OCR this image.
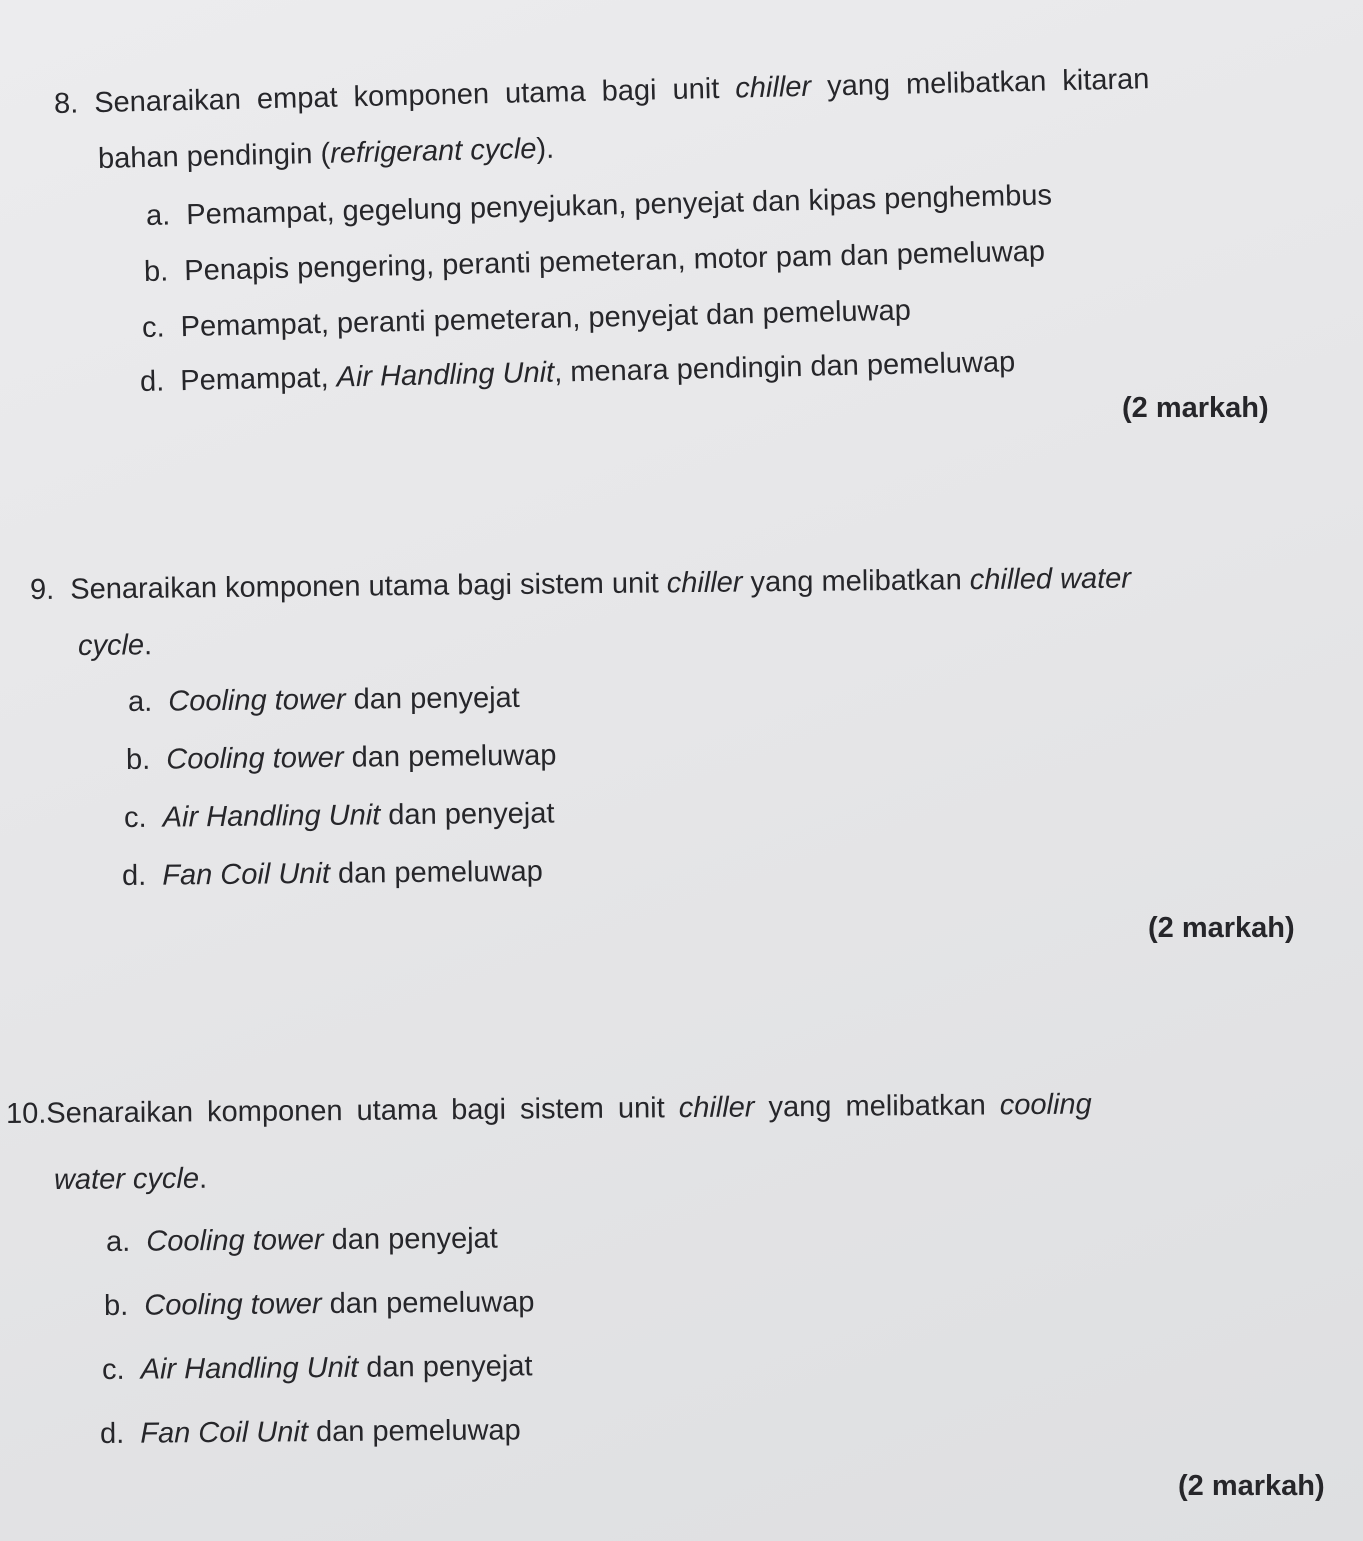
8. Senaraikan empat komponen utama bagi unit chiller yang melibatkan kitaran
bahan pendingin (refrigerant cycle).
a. Pemampat, gegelung penyejukan, penyejat dan kipas penghembus
b. Penapis pengering, peranti pemeteran, motor pam dan pemeluwap
c. Pemampat, peranti pemeteran, penyejat dan pemeluwap
d. Pemampat, Air Handling Unit, menara pendingin dan pemeluwap
(2 markah)
9. Senaraikan komponen utama bagi sistem unit chiller yang melibatkan chilled water
cycle.
a. Cooling tower dan penyejat
b. Cooling tower dan pemeluwap
c. Air Handling Unit dan penyejat
d. Fan Coil Unit dan pemeluwap
(2 markah)
10.Senaraikan komponen utama bagi sistem unit chiller yang melibatkan cooling
water cycle.
a. Cooling tower dan penyejat
b. Cooling tower dan pemeluwap
c. Air Handling Unit dan penyejat
d. Fan Coil Unit dan pemeluwap
(2 markah)
